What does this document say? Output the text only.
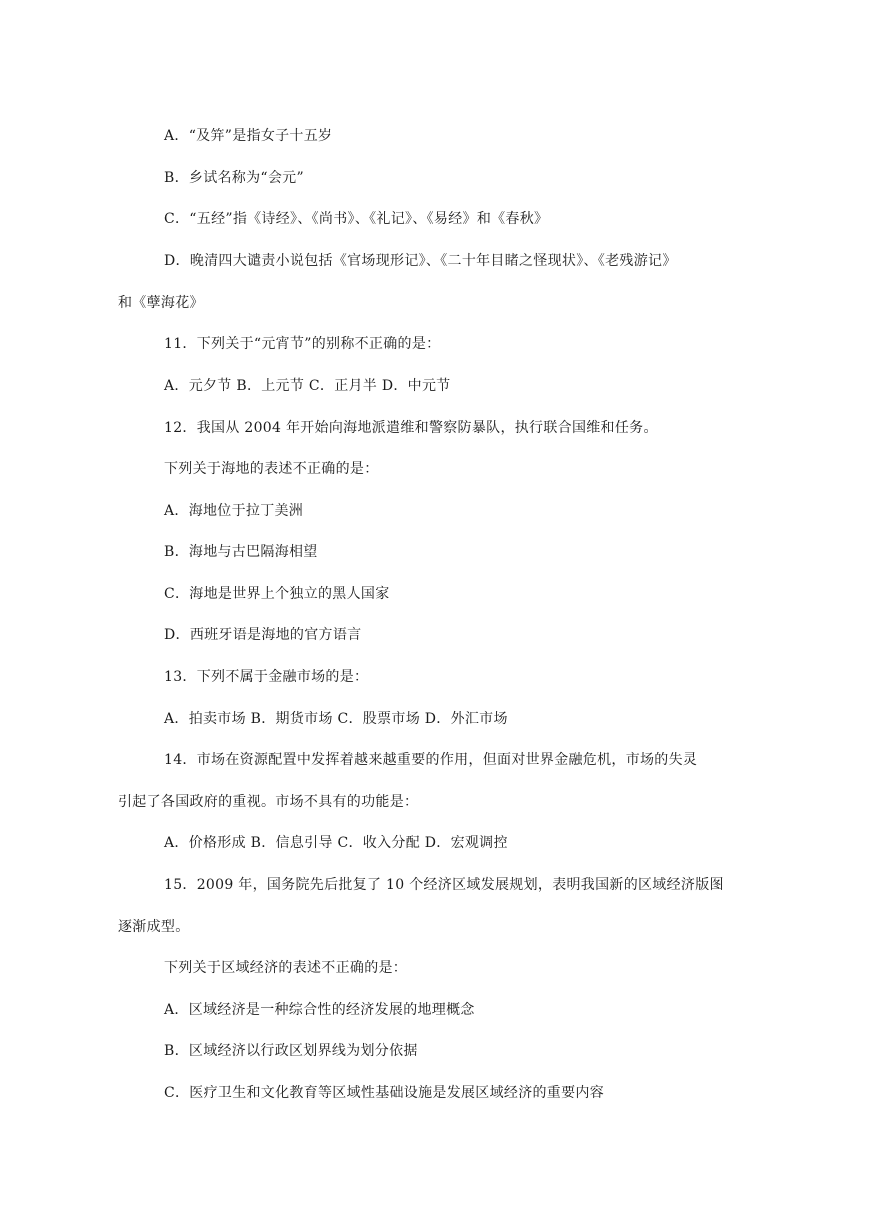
A．“及笄”是指女子十五岁
B．乡试名称为“会元”
C．“五经”指《诗经》、《尚书》、《礼记》、《易经》和《春秋》
D．晚清四大谴责小说包括《官场现形记》、《二十年目睹之怪现状》、《老残游记》
和《孽海花》
11．下列关于“元宵节”的别称不正确的是：
A．元夕节 B．上元节 C．正月半 D．中元节
12．我国从 2004 年开始向海地派遣维和警察防暴队，执行联合国维和任务。
下列关于海地的表述不正确的是：
A．海地位于拉丁美洲
B．海地与古巴隔海相望
C．海地是世界上个独立的黑人国家
D．西班牙语是海地的官方语言
13．下列不属于金融市场的是：
A．拍卖市场 B．期货市场 C．股票市场 D．外汇市场
14．市场在资源配置中发挥着越来越重要的作用，但面对世界金融危机，市场的失灵
引起了各国政府的重视。市场不具有的功能是：
A．价格形成 B．信息引导 C．收入分配 D．宏观调控
15．2009 年，国务院先后批复了 10 个经济区域发展规划，表明我国新的区域经济版图
逐渐成型。
下列关于区域经济的表述不正确的是：
A．区域经济是一种综合性的经济发展的地理概念
B．区域经济以行政区划界线为划分依据
C．医疗卫生和文化教育等区域性基础设施是发展区域经济的重要内容
